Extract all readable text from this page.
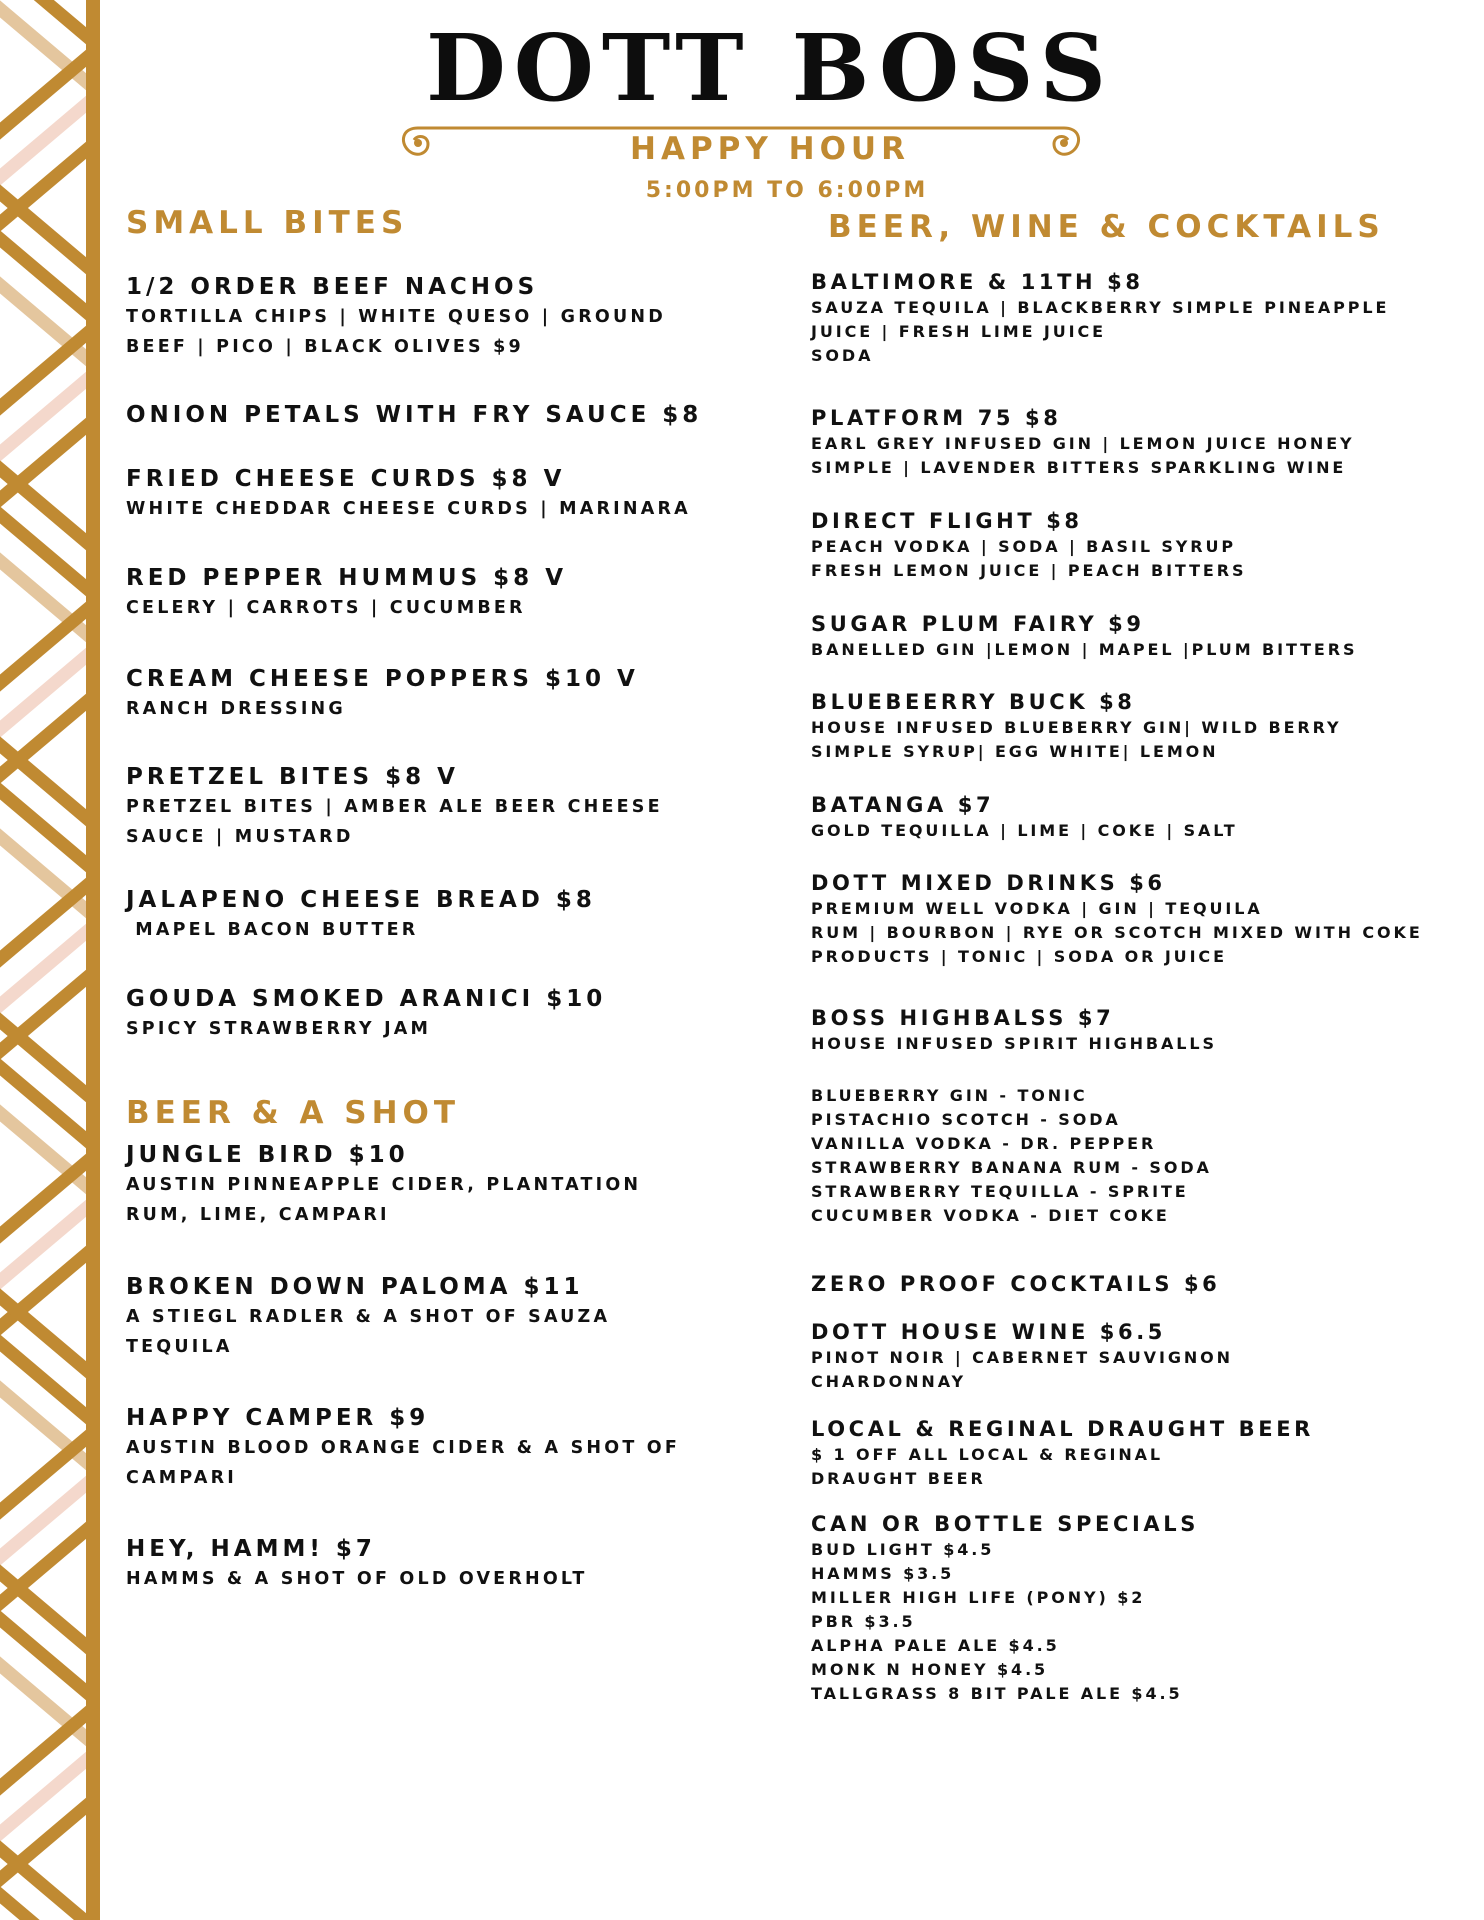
DOTT BOSS
HAPPY HOUR
5:00PM TO 6:00PM
SMALL BITES
1/2 ORDER BEEF NACHOS
TORTILLA CHIPS | WHITE QUESO | GROUND
BEEF | PICO | BLACK OLIVES $9
ONION PETALS WITH FRY SAUCE $8
FRIED CHEESE CURDS $8 V
WHITE CHEDDAR CHEESE CURDS | MARINARA
RED PEPPER HUMMUS $8 V
CELERY | CARROTS | CUCUMBER
CREAM CHEESE POPPERS $10 V
RANCH DRESSING
PRETZEL BITES $8 V
PRETZEL BITES | AMBER ALE BEER CHEESE
SAUCE | MUSTARD
JALAPENO CHEESE BREAD $8
MAPEL BACON BUTTER
GOUDA SMOKED ARANICI $10
SPICY STRAWBERRY JAM
BEER & A SHOT
JUNGLE BIRD $10
AUSTIN PINNEAPPLE CIDER, PLANTATION
RUM, LIME, CAMPARI
BROKEN DOWN PALOMA $11
A STIEGL RADLER & A SHOT OF SAUZA
TEQUILA
HAPPY CAMPER $9
AUSTIN BLOOD ORANGE CIDER & A SHOT OF
CAMPARI
HEY, HAMM! $7
HAMMS & A SHOT OF OLD OVERHOLT
BEER, WINE & COCKTAILS
BALTIMORE & 11TH $8
SAUZA TEQUILA | BLACKBERRY SIMPLE PINEAPPLE
JUICE | FRESH LIME JUICE
SODA
PLATFORM 75 $8
EARL GREY INFUSED GIN | LEMON JUICE HONEY
SIMPLE | LAVENDER BITTERS SPARKLING WINE
DIRECT FLIGHT $8
PEACH VODKA | SODA | BASIL SYRUP
FRESH LEMON JUICE | PEACH BITTERS
SUGAR PLUM FAIRY $9
BANELLED GIN |LEMON | MAPEL |PLUM BITTERS
BLUEBEERRY BUCK $8
HOUSE INFUSED BLUEBERRY GIN| WILD BERRY
SIMPLE SYRUP| EGG WHITE| LEMON
BATANGA $7
GOLD TEQUILLA | LIME | COKE | SALT
DOTT MIXED DRINKS $6
PREMIUM WELL VODKA | GIN | TEQUILA
RUM | BOURBON | RYE OR SCOTCH MIXED WITH COKE
PRODUCTS | TONIC | SODA OR JUICE
BOSS HIGHBALSS $7
HOUSE INFUSED SPIRIT HIGHBALLS
BLUEBERRY GIN - TONIC
PISTACHIO SCOTCH - SODA
VANILLA VODKA - DR. PEPPER
STRAWBERRY BANANA RUM - SODA
STRAWBERRY TEQUILLA - SPRITE
CUCUMBER VODKA - DIET COKE
ZERO PROOF COCKTAILS $6
DOTT HOUSE WINE $6.5
PINOT NOIR | CABERNET SAUVIGNON
CHARDONNAY
LOCAL & REGINAL DRAUGHT BEER
$ 1 OFF ALL LOCAL & REGINAL
DRAUGHT BEER
CAN OR BOTTLE SPECIALS
BUD LIGHT $4.5
HAMMS $3.5
MILLER HIGH LIFE (PONY) $2
PBR $3.5
ALPHA PALE ALE $4.5
MONK N HONEY $4.5
TALLGRASS 8 BIT PALE ALE $4.5
